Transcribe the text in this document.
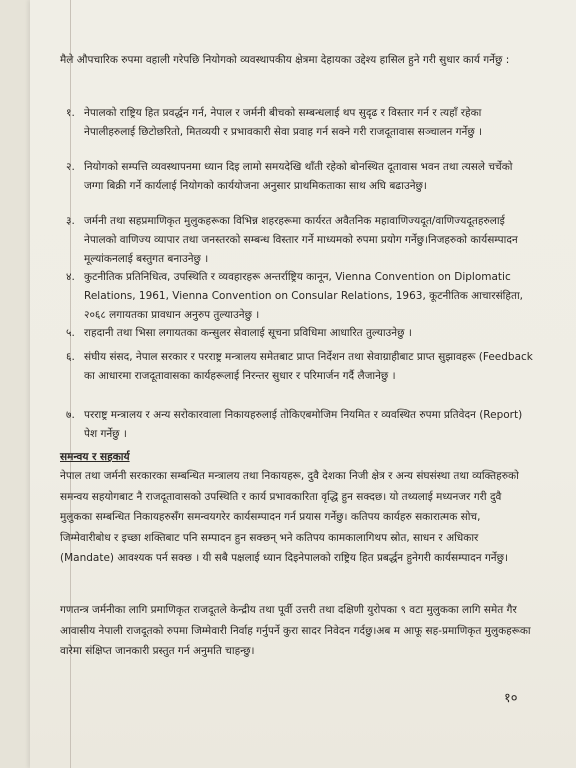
मैले औपचारिक रुपमा वहाली गरेपछि नियोगको व्यवस्थापकीय क्षेत्रमा देहायका उद्देश्य हासिल हुने गरी सुधार कार्य गर्नेछु :
१. नेपालको राष्ट्रिय हित प्रवर्द्धन गर्न, नेपाल र जर्मनी बीचको सम्बन्धलाई थप सुदृढ र विस्तार गर्न र त्यहाँ रहेका नेपालीहरुलाई छिटोछरितो, मितव्ययी र प्रभावकारी सेवा प्रवाह गर्न सक्ने गरी राजदूतावास सञ्चालन गर्नेछु ।
२. नियोगको सम्पत्ति व्यवस्थापनमा ध्यान दिइ लामो समयदेखि थाँती रहेको बोनस्थित दूतावास भवन तथा त्यसले चर्चेको जग्गा बिक्री गर्ने कार्यलाई नियोगको कार्ययोजना अनुसार प्राथमिकताका साथ अघि बढाउनेछु।
३. जर्मनी तथा सहप्रमाणिकृत मुलुकहरूका विभिन्न शहरहरूमा कार्यरत अवैतनिक महावाणिज्यदूत/वाणिज्यदूतहरुलाई नेपालको वाणिज्य व्यापार तथा जनस्तरको सम्बन्ध विस्तार गर्ने माध्यमको रुपमा प्रयोग गर्नेछु।निजहरुको कार्यसम्पादन मूल्यांकनलाई बस्तुगत बनाउनेछु ।
४. कुटनीतिक प्रतिनिधित्व, उपस्थिति र व्यवहारहरू अन्तर्राष्ट्रिय कानून, Vienna Convention on Diplomatic Relations, 1961, Vienna Convention on Consular Relations, 1963, कूटनीतिक आचारसंहिता, २०६८ लगायतका प्रावधान अनुरुप तुल्याउनेछु ।
५. राहदानी तथा भिसा लगायतका कन्सुलर सेवालाई सूचना प्रविधिमा आधारित तुल्याउनेछु ।
६. संघीय संसद, नेपाल सरकार र परराष्ट्र मन्त्रालय समेतबाट प्राप्त निर्देशन तथा सेवाग्राहीबाट प्राप्त सुझावहरू (Feedback का आधारमा राजदूतावासका कार्यहरूलाई निरन्तर सुधार र परिमार्जन गर्दै लैजानेछु ।
७. परराष्ट्र मन्त्रालय र अन्य सरोकारवाला निकायहरुलाई तोकिएबमोजिम नियमित र व्यवस्थित रुपमा प्रतिवेदन (Report) पेश गर्नेछु ।
समन्वय र सहकार्य
नेपाल तथा जर्मनी सरकारका सम्बन्धित मन्त्रालय तथा निकायहरू, दुवै देशका निजी क्षेत्र र अन्य संघसंस्था तथा व्यक्तिहरुको समन्वय सहयोगबाट नै राजदूतावासको उपस्थिति र कार्य प्रभावकारिता वृद्धि हुन सक्दछ। यो तथ्यलाई मध्यनजर गरी दुवै मुलुकका सम्बन्धित निकायहरुसँग समन्वयगरेर कार्यसम्पादन गर्न प्रयास गर्नेछु। कतिपय कार्यहरु सकारात्मक सोच, जिम्मेवारीबोध र इच्छा शक्तिबाट पनि सम्पादन हुन सक्छन् भने कतिपय कामकालागिथप स्रोत, साधन र अधिकार (Mandate) आवश्यक पर्न सक्छ । यी सबै पक्षलाई ध्यान दिइनेपालको राष्ट्रिय हित प्रबर्द्धन हुनेगरी कार्यसम्पादन गर्नेछु।
गणतन्त्र जर्मनीका लागि प्रमाणिकृत राजदूतले केन्द्रीय तथा पूर्वी उत्तरी तथा दक्षिणी युरोपका ९ वटा मुलुकका लागि समेत गैर आवासीय नेपाली राजदूतको रुपमा जिम्मेवारी निर्वाह गर्नुपर्ने कुरा सादर निवेदन गर्दछु।अब म आफू सह-प्रमाणिकृत मुलुकहरूका वारेमा संक्षिप्त जानकारी प्रस्तुत गर्न अनुमति चाहन्छु।
१०
